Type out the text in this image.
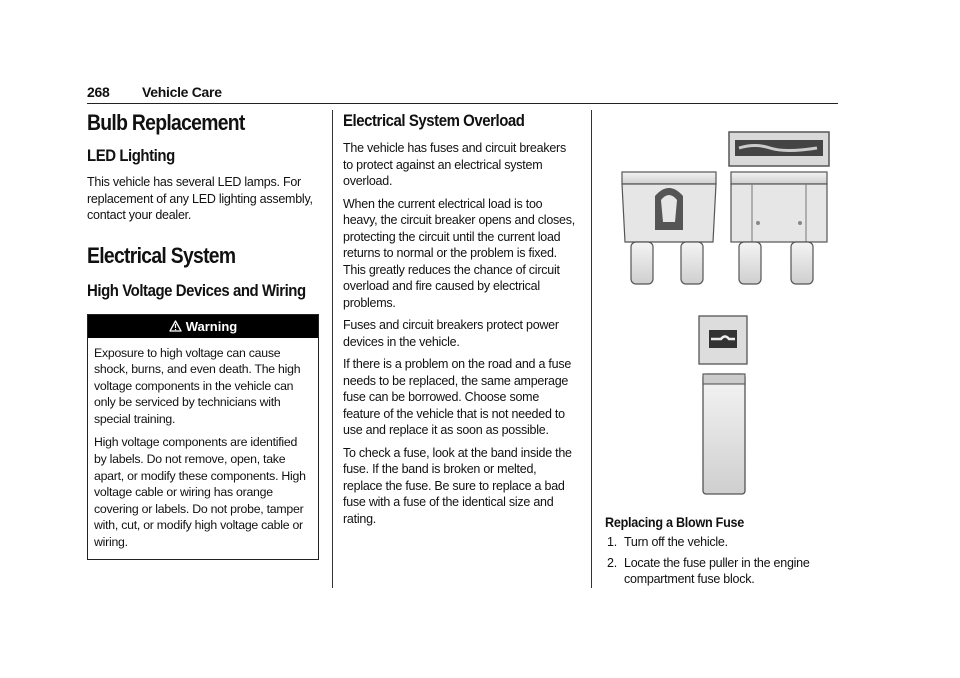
268 Vehicle Care
Bulb Replacement
LED Lighting

This vehicle has several LED lamps. For replacement of any LED lighting assembly, contact your dealer.

Electrical System
High Voltage Devices and Wiring
Warning

Exposure to high voltage can cause shock, burns, and even death. The high voltage components in the vehicle can only be serviced by technicians with special training.

High voltage components are identified by labels. Do not remove, open, take apart, or modify these components. High voltage cable or wiring has orange covering or labels. Do not probe, tamper with, cut, or modify high voltage cable or wiring.

Electrical System Overload

The vehicle has fuses and circuit breakers to protect against an electrical system overload.

When the current electrical load is too heavy, the circuit breaker opens and closes, protecting the circuit until the current load returns to normal or the problem is fixed. This greatly reduces the chance of circuit overload and fire caused by electrical problems.

Fuses and circuit breakers protect power devices in the vehicle.

If there is a problem on the road and a fuse needs to be replaced, the same amperage fuse can be borrowed. Choose some feature of the vehicle that is not needed to use and replace it as soon as possible.

To check a fuse, look at the band inside the fuse. If the band is broken or melted, replace the fuse. Be sure to replace a bad fuse with a fuse of the identical size and rating.	Replacing a Blown Fuse
1. Turn off the vehicle.
2. Locate the fuse puller in the engine compartment fuse block.
